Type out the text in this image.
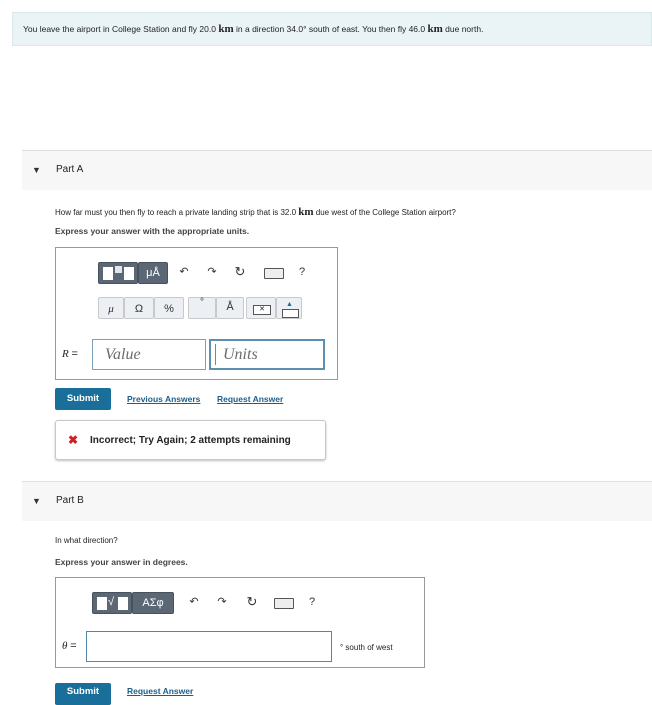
You leave the airport in College Station and fly 20.0 km in a direction 34.0° south of east. You then fly 46.0 km due north.
▼ Part A
How far must you then fly to reach a private landing strip that is 32.0 km due west of the College Station airport?
Express your answer with the appropriate units.
μÅ	↶	↷ ↻	?
μ	Ω	%
°	Å	✕
▲
R = Value	Units
Submit	Previous Answers Request Answer
✖ Incorrect; Try Again; 2 attempts remaining
▼ Part B
In what direction?
Express your answer in degrees.
√	ΑΣφ	↶	↷ ↻	?
θ =	° south of west
Submit	Request Answer
